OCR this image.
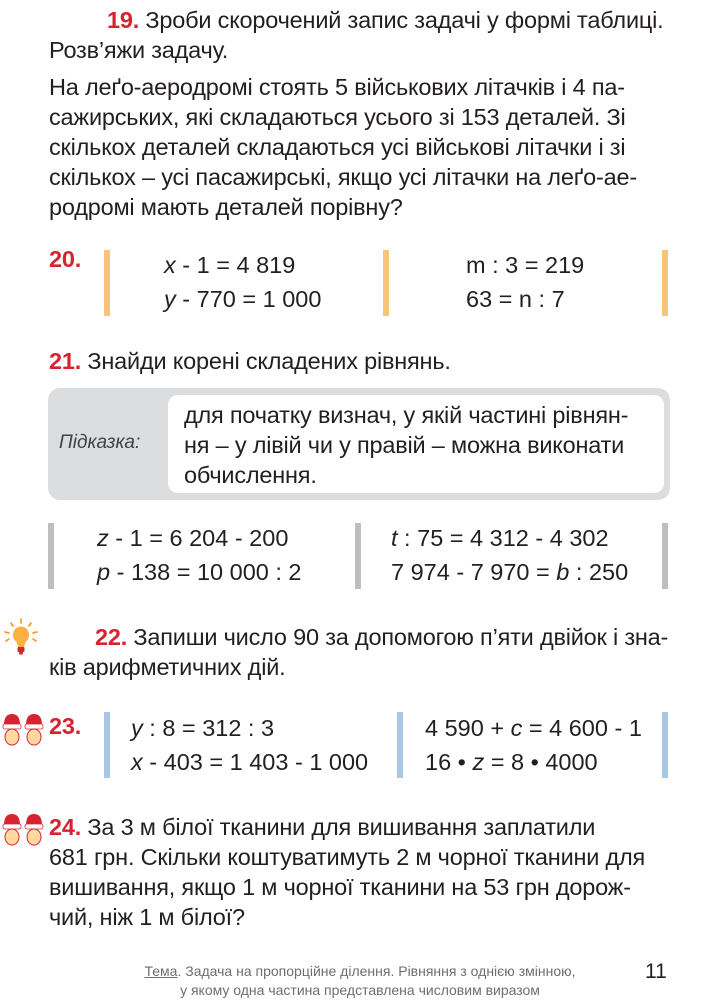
19. Зроби скорочений запис задачі у формі таблиці.
Розв’яжи задачу.
На леґо-аеродромі стоять 5 військових літачків і 4 па-
сажирських, які складаються усього зі 153 деталей. Зі
скількох деталей складаються усі військові літачки і зі
скількох – усі пасажирські, якщо усі літачки на леґо-ае-
родромі мають деталей порівну?
20.	x - 1 = 4 819
y - 770 = 1 000
m : 3 = 219
63 = n : 7
21. Знайди корені складених рівнянь.
Підказка:
для початку визнач, у якій частині рівнян-
ня – у лівій чи у правій – можна виконати
обчислення.
z - 1 = 6 204 - 200
p - 138 = 10 000 : 2
t : 75 = 4 312 - 4 302
7 974 - 7 970 = b : 250
22. Запиши число 90 за допомогою п’яти двійок і зна-
ків арифметичних дій.
23. y : 8 = 312 : 3
x - 403 = 1 403 - 1 000
4 590 + c = 4 600 - 1
16 • z = 8 • 4000
24. За 3 м білої тканини для вишивання заплатили
681 грн. Скільки коштуватимуть 2 м чорної тканини для
вишивання, якщо 1 м чорної тканини на 53 грн дорож-
чий, ніж 1 м білої?
Тема. Задача на пропорційне ділення. Рівняння з однією змінною,
у якому одна частина представлена числовим виразом
11
